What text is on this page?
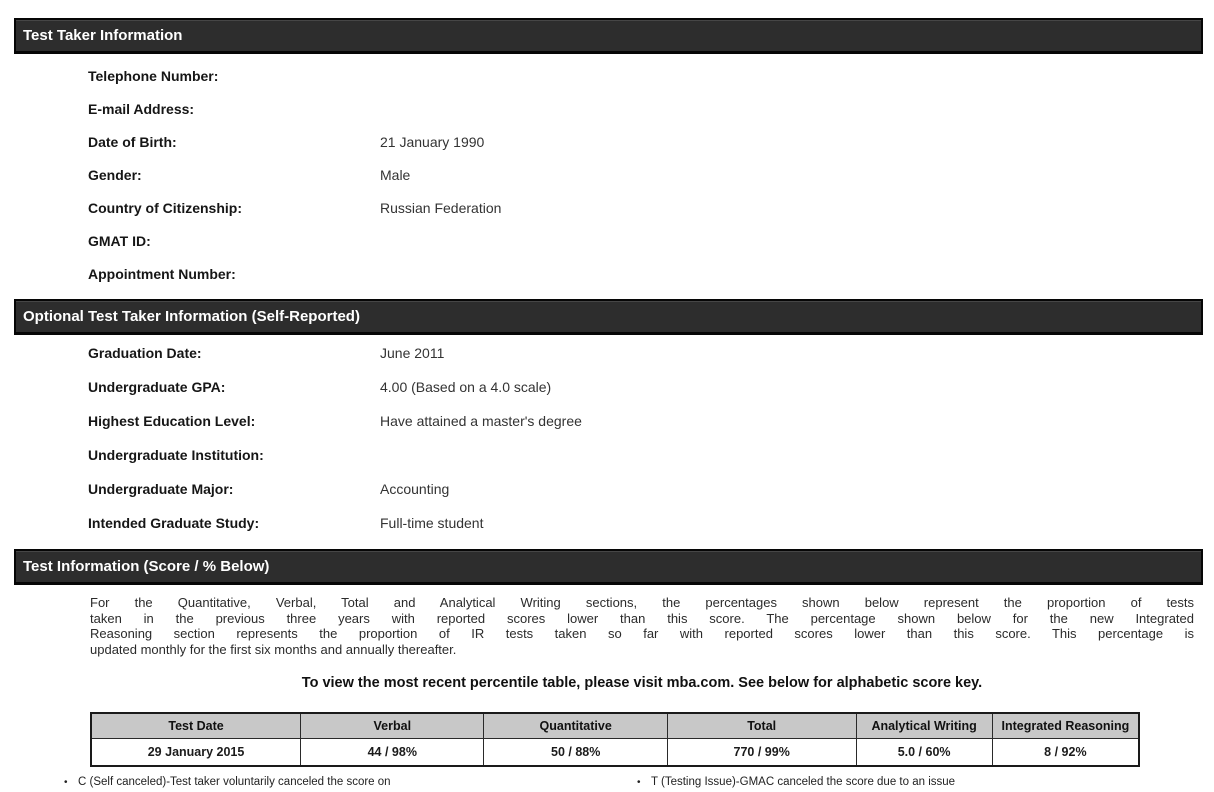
Test Taker Information
Telephone Number:
E-mail Address:
Date of Birth:	21 January 1990
Gender:	Male
Country of Citizenship:	Russian Federation
GMAT ID:
Appointment Number:
Optional Test Taker Information (Self-Reported)
Graduation Date:	June 2011
Undergraduate GPA:	4.00 (Based on a 4.0 scale)
Highest Education Level:	Have attained a master's degree
Undergraduate Institution:
Undergraduate Major:	Accounting
Intended Graduate Study:	Full-time student
Test Information (Score / % Below)
For the Quantitative, Verbal, Total and Analytical Writing sections, the percentages shown below represent the proportion of tests
taken in the previous three years with reported scores lower than this score. The percentage shown below for the new Integrated
Reasoning section represents the proportion of IR tests taken so far with reported scores lower than this score. This percentage is
updated monthly for the first six months and annually thereafter.
To view the most recent percentile table, please visit mba.com. See below for alphabetic score key.
Test Date	Verbal	Quantitative	Total	Analytical Writing	Integrated Reasoning
29 January 2015	44 / 98%	50 / 88%	770 / 99%	5.0 / 60%	8 / 92%
• C (Self canceled)-Test taker voluntarily canceled the score on	• T (Testing Issue)-GMAC canceled the score due to an issue
